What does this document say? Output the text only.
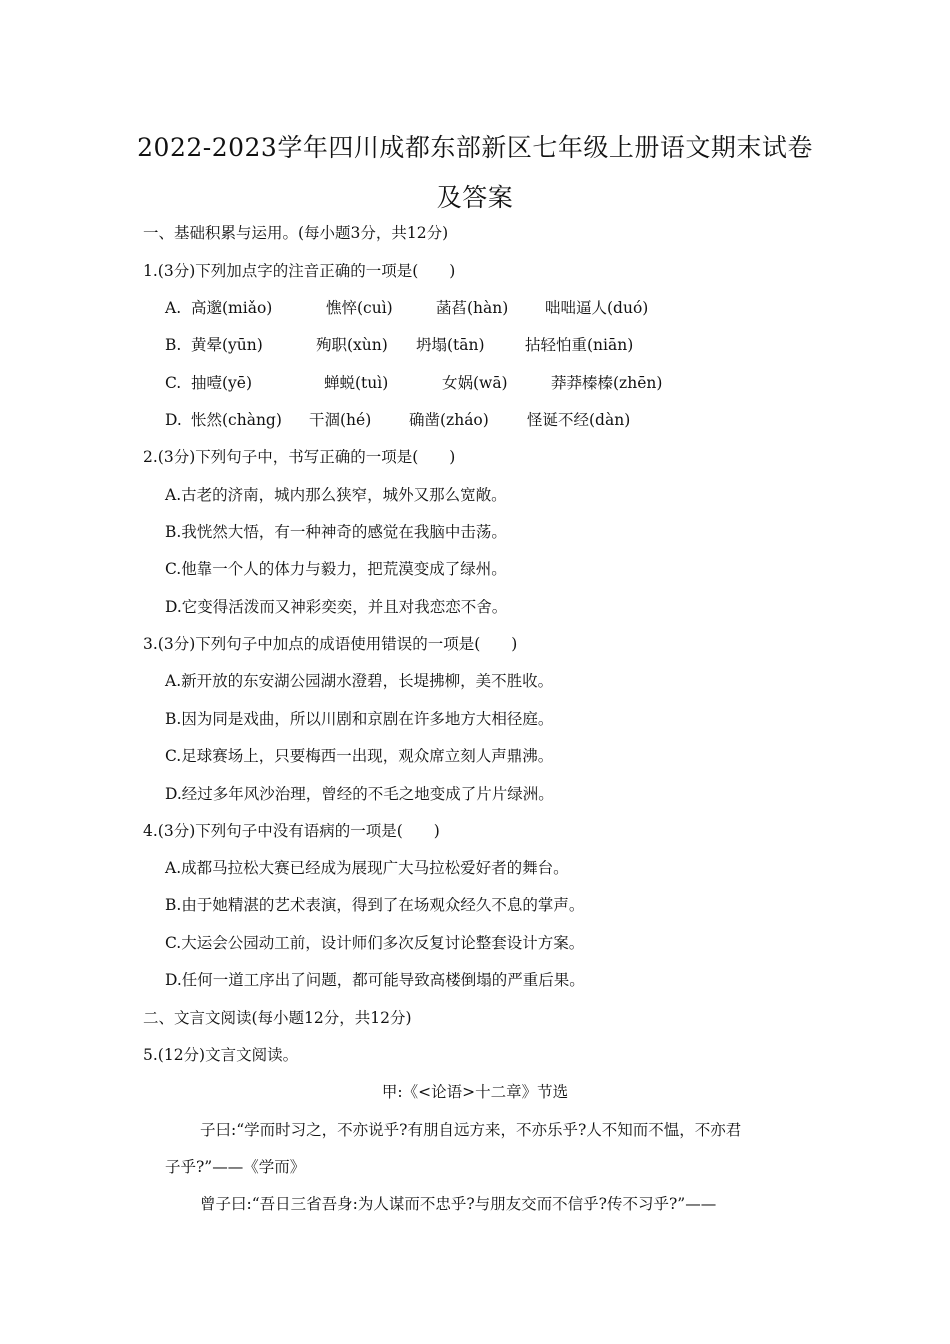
2022-2023学年四川成都东部新区七年级上册语文期末试卷
及答案
一、基础积累与运用。(每小题3分，共12分)
1.(3分)下列加点字的注音正确的一项是(　　)
A. 高邈(miǎo)	憔悴(cuì)	菡萏(hàn) 咄咄逼人(duó)
B. 黄晕(yūn)	殉职(xùn) 坍塌(tān)	拈轻怕重(niān)
C. 抽噎(yē)	蝉蜕(tuì)	女娲(wā)	莽莽榛榛(zhēn)
D. 怅然(chàng) 干涸(hé) 确凿(zháo) 怪诞不经(dàn)
2.(3分)下列句子中，书写正确的一项是(　　)
A.古老的济南，城内那么狭窄，城外又那么宽敞。
B.我恍然大悟，有一种神奇的感觉在我脑中击荡。
C.他靠一个人的体力与毅力，把荒漠变成了绿州。
D.它变得活泼而又神彩奕奕，并且对我恋恋不舍。
3.(3分)下列句子中加点的成语使用错误的一项是(　　)
A.新开放的东安湖公园湖水澄碧，长堤拂柳，美不胜收。
B.因为同是戏曲，所以川剧和京剧在许多地方大相径庭。
C.足球赛场上，只要梅西一出现，观众席立刻人声鼎沸。
D.经过多年风沙治理，曾经的不毛之地变成了片片绿洲。
4.(3分)下列句子中没有语病的一项是(　　)
A.成都马拉松大赛已经成为展现广大马拉松爱好者的舞台。
B.由于她精湛的艺术表演，得到了在场观众经久不息的掌声。
C.大运会公园动工前，设计师们多次反复讨论整套设计方案。
D.任何一道工序出了问题，都可能导致高楼倒塌的严重后果。
二、文言文阅读(每小题12分，共12分)
5.(12分)文言文阅读。
甲:《<论语>十二章》节选
子曰:“学而时习之，不亦说乎?有朋自远方来，不亦乐乎?人不知而不愠，不亦君
子乎?”——《学而》
曾子曰:“吾日三省吾身:为人谋而不忠乎?与朋友交而不信乎?传不习乎?”——
